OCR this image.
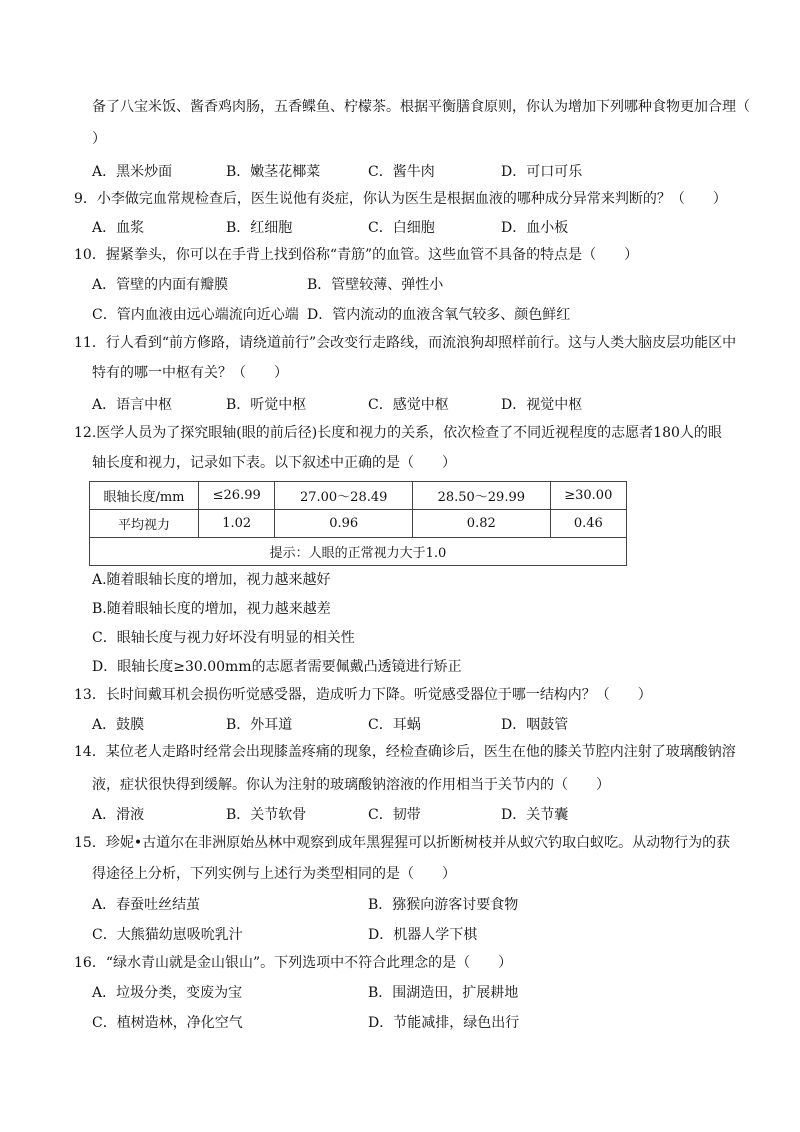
备了八宝米饭、酱香鸡肉肠，五香鲽鱼、柠檬茶。根据平衡膳食原则，你认为增加下列哪种食物更加合理（
）
A．黑米炒面	B．嫩茎花椰菜	C．酱牛肉	D．可口可乐
9．小李做完血常规检查后，医生说他有炎症，你认为医生是根据血液的哪种成分异常来判断的？（　　）
A．血浆	B．红细胞	C．白细胞	D．血小板
10．握紧拳头，你可以在手背上找到俗称“青筋”的血管。这些血管不具备的特点是（　　）
A．管壁的内面有瓣膜	B．管壁较薄、弹性小
C．管内血液由远心端流向近心端 D．管内流动的血液含氧气较多、颜色鲜红
11．行人看到“前方修路，请绕道前行”会改变行走路线，而流浪狗却照样前行。这与人类大脑皮层功能区中
特有的哪一中枢有关？（　　）
A．语言中枢	B．听觉中枢	C．感觉中枢	D．视觉中枢
12.医学人员为了探究眼轴(眼的前后径)长度和视力的关系，依次检查了不同近视程度的志愿者180人的眼
轴长度和视力，记录如下表。以下叙述中正确的是（　　）
眼轴长度/mm	≤26.99	27.00～28.49	28.50～29.99	≥30.00
平均视力	1.02	0.96	0.82	0.46
提示：人眼的正常视力大于1.0				
A.随着眼轴长度的增加，视力越来越好
B.随着眼轴长度的增加，视力越来越差
C．眼轴长度与视力好坏没有明显的相关性
D．眼轴长度≥30.00mm的志愿者需要佩戴凸透镜进行矫正
13．长时间戴耳机会损伤听觉感受器，造成听力下降。听觉感受器位于哪一结构内？（　　）
A．鼓膜	B．外耳道	C．耳蜗	D．咽鼓管
14．某位老人走路时经常会出现膝盖疼痛的现象，经检查确诊后，医生在他的膝关节腔内注射了玻璃酸钠溶
液，症状很快得到缓解。你认为注射的玻璃酸钠溶液的作用相当于关节内的（　　）
A．滑液	B．关节软骨	C．韧带	D．关节囊
15．珍妮•古道尔在非洲原始丛林中观察到成年黑猩猩可以折断树枝并从蚁穴钓取白蚁吃。从动物行为的获
得途径上分析，下列实例与上述行为类型相同的是（　　）
A．春蚕吐丝结茧	B．猕猴向游客讨要食物
C．大熊猫幼崽吸吮乳汁	D．机器人学下棋
16．“绿水青山就是金山银山”。下列选项中不符合此理念的是（　　）
A．垃圾分类，变废为宝	B．围湖造田，扩展耕地
C．植树造林，净化空气	D．节能减排，绿色出行
